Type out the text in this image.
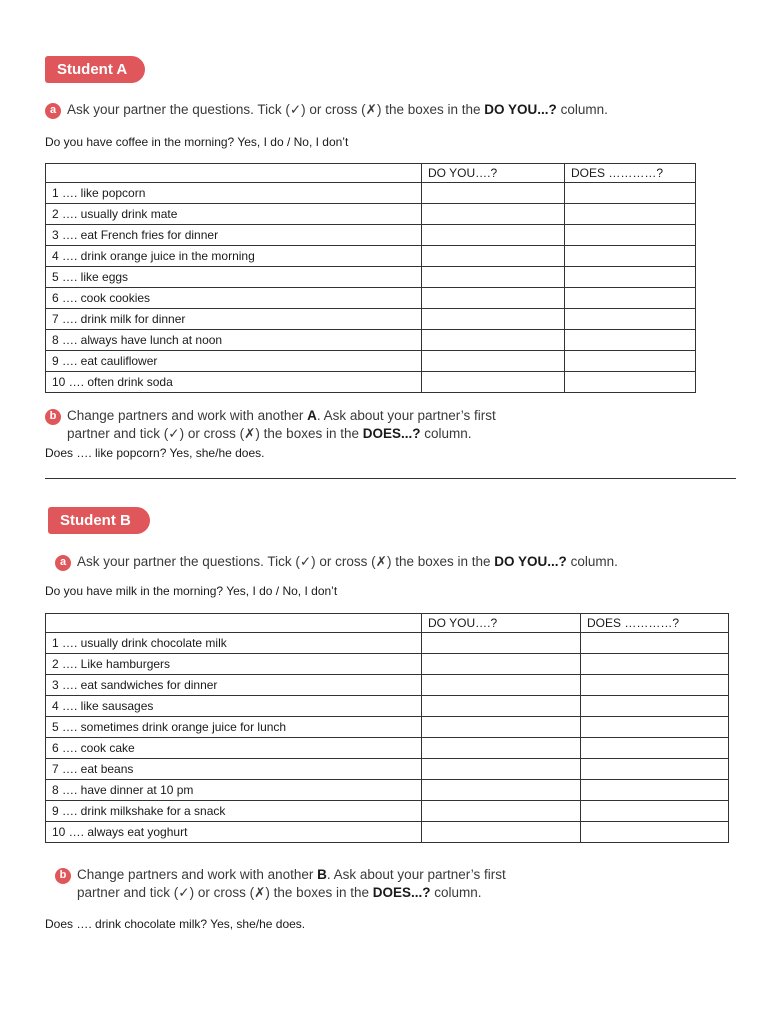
Student A
a Ask your partner the questions. Tick (✓) or cross (✗) the boxes in the DO YOU...? column.
Do you have coffee in the morning? Yes, I do / No, I don’t
	DO YOU….?	DOES …………?
1 …. like popcorn		
2 …. usually drink mate		
3 …. eat French fries for dinner		
4 …. drink orange juice in the morning		
5 …. like eggs		
6 …. cook cookies		
7 …. drink milk for dinner		
8 …. always have lunch at noon		
9 …. eat cauliflower		
10 …. often drink soda		
b Change partners and work with another A. Ask about your partner’s first
partner and tick (✓) or cross (✗) the boxes in the DOES...? column.
Does …. like popcorn? Yes, she/he does.
Student B
a Ask your partner the questions. Tick (✓) or cross (✗) the boxes in the DO YOU...? column.
Do you have milk in the morning? Yes, I do / No, I don’t
	DO YOU….?	DOES …………?
1 …. usually drink chocolate milk		
2 …. Like hamburgers		
3 …. eat sandwiches for dinner		
4 …. like sausages		
5 …. sometimes drink orange juice for lunch		
6 …. cook cake		
7 …. eat beans		
8 …. have dinner at 10 pm		
9 …. drink milkshake for a snack		
10 …. always eat yoghurt		
b Change partners and work with another B. Ask about your partner’s first
partner and tick (✓) or cross (✗) the boxes in the DOES...? column.
Does …. drink chocolate milk? Yes, she/he does.
